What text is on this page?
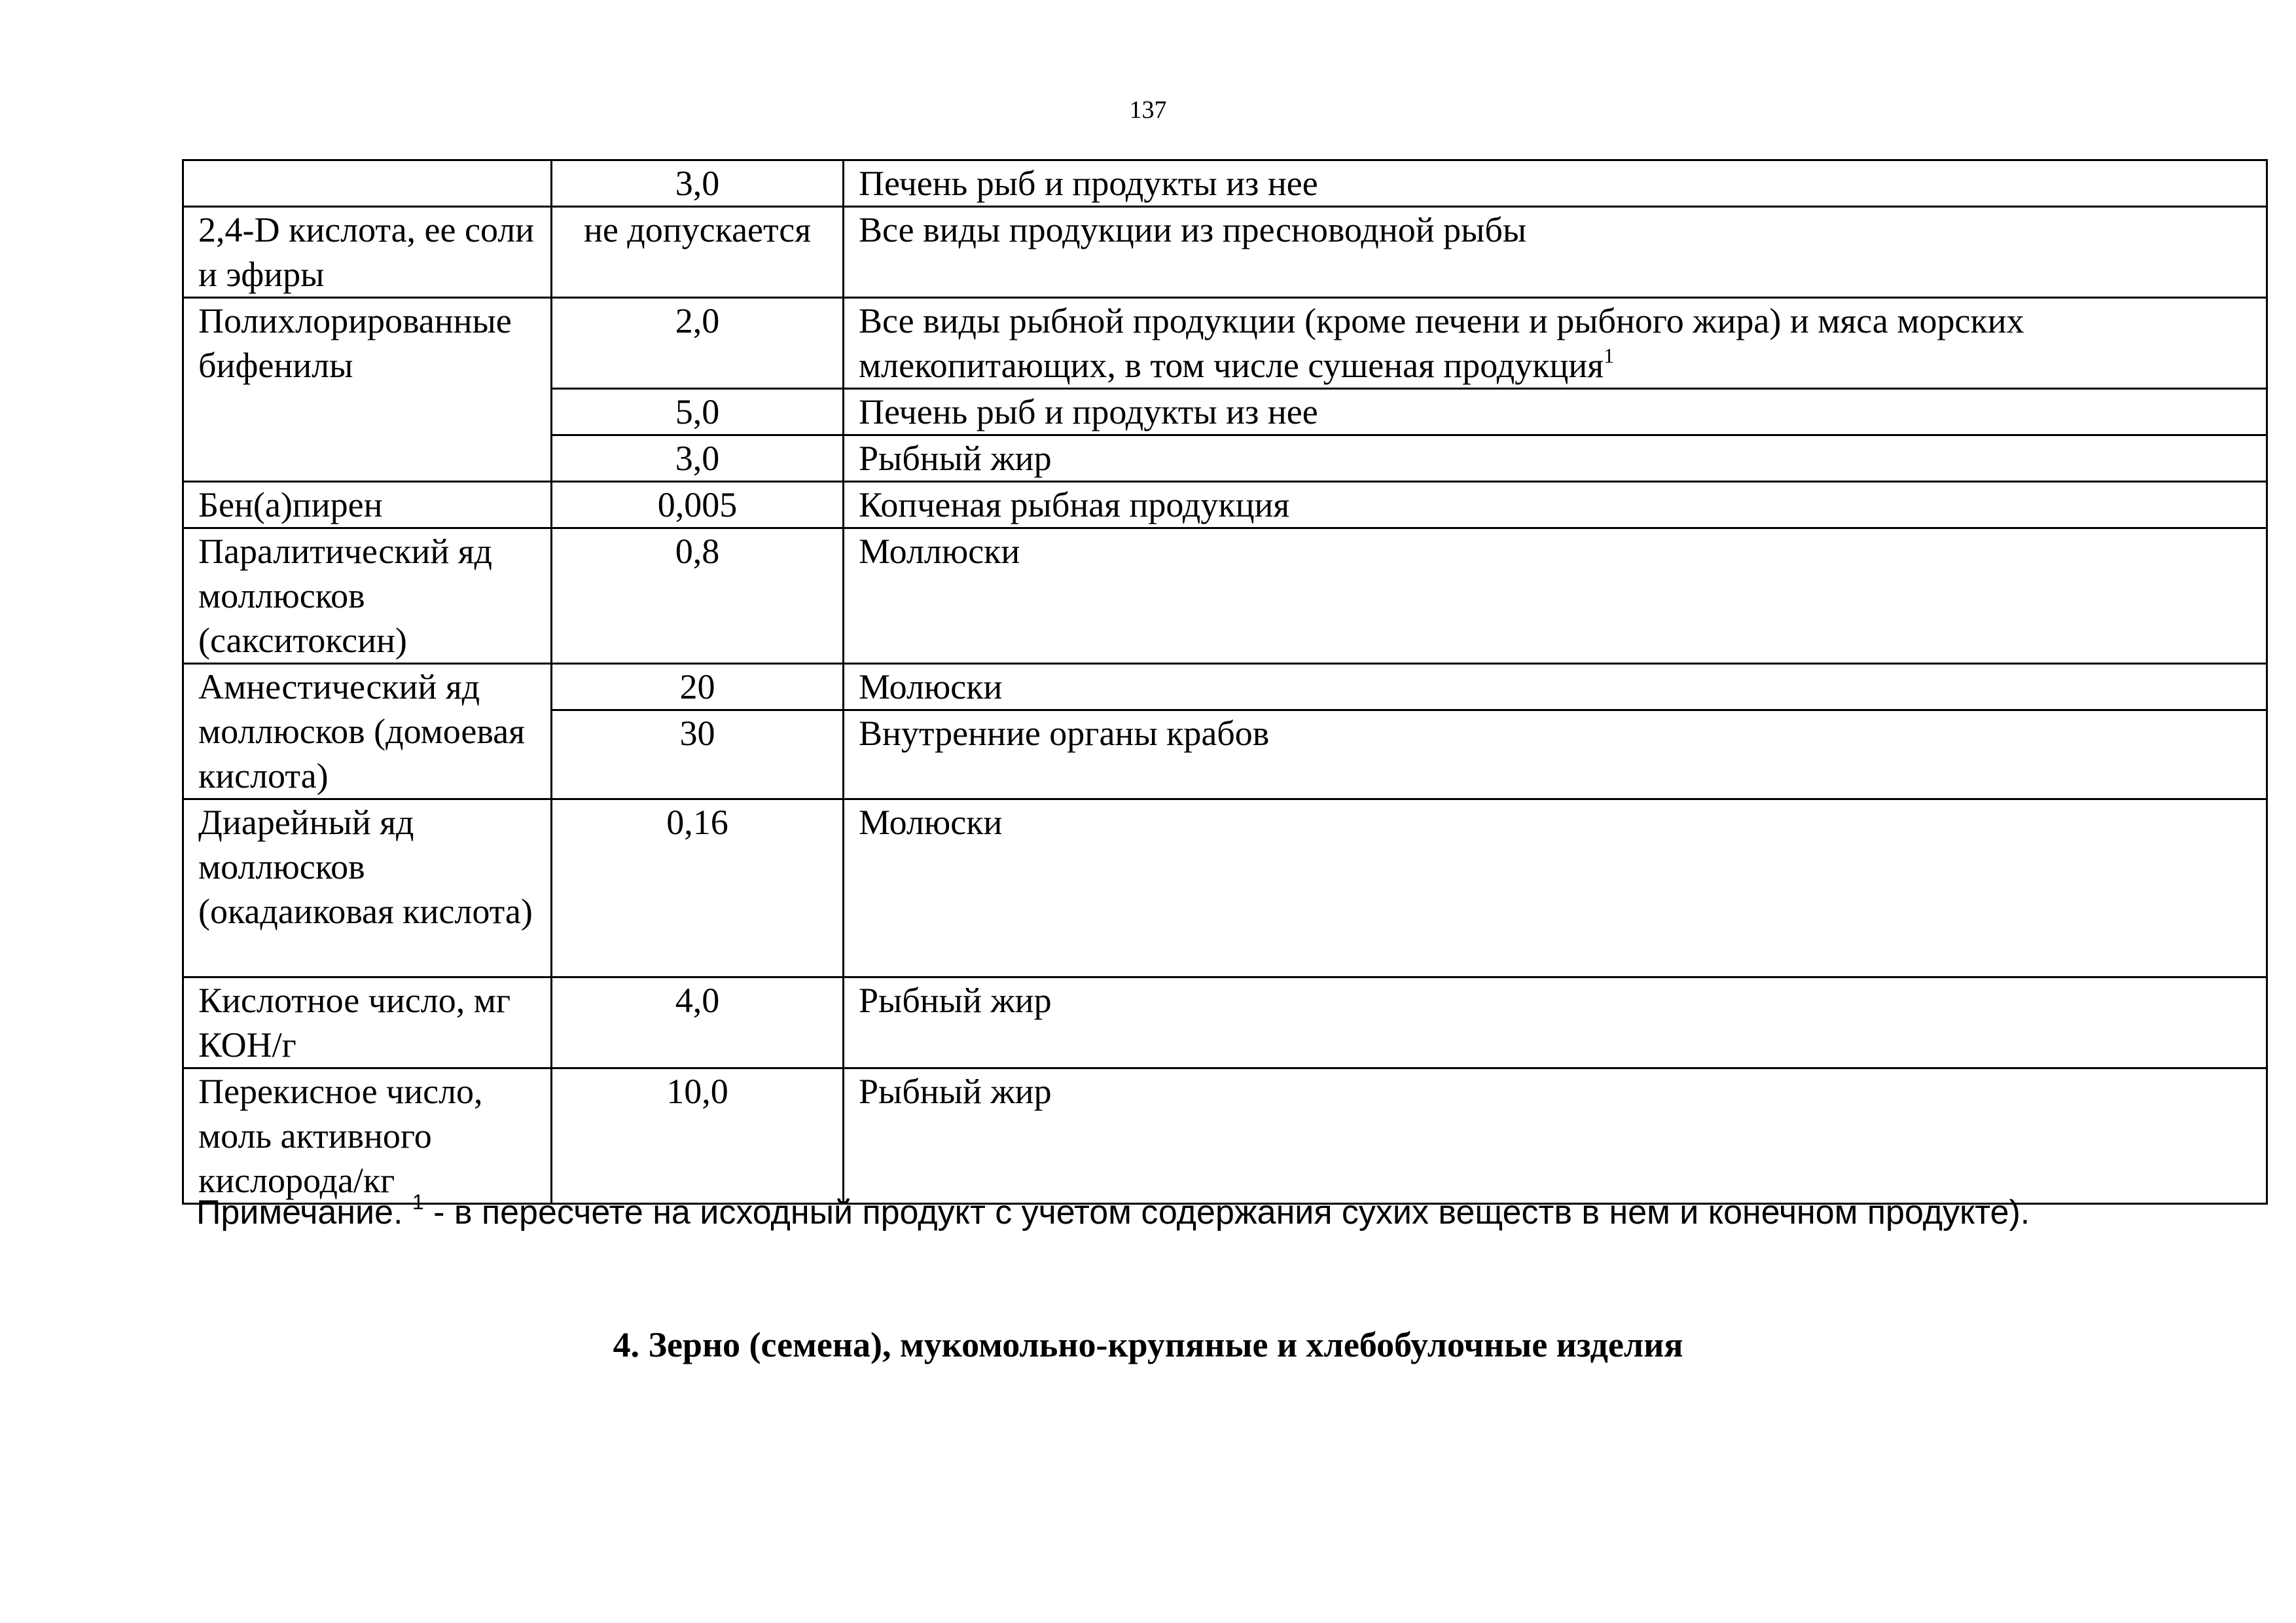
137
	3,0	Печень рыб и продукты из нее
2,4-D кислота, ее соли и эфиры	не допускается	Все виды продукции из пресноводной рыбы
Полихлорированные бифенилы	2,0	Все виды рыбной продукции (кроме печени и рыбного жира) и мяса морских млекопитающих, в том числе сушеная продукция$^1$
	5,0	Печень рыб и продукты из нее
	3,0	Рыбный жир
Бен(а)пирен	0,005	Копченая рыбная продукция
Паралитический яд моллюсков (сакситоксин)	0,8	Моллюски
Амнестический яд моллюсков (домоевая кислота)	20	Молюски
	30	Внутренние органы крабов
Диарейный яд моллюсков (окадаиковая кислота)	0,16	Молюски
Кислотное число, мг КОН/г	4,0	Рыбный жир
Перекисное число, моль активного кислорода/кг	10,0	Рыбный жир
Примечание. $^1$ - в пересчете на исходный продукт с учетом содержания сухих веществ в нем и конечном продукте).
4. Зерно (семена), мукомольно-крупяные и хлебобулочные изделия
